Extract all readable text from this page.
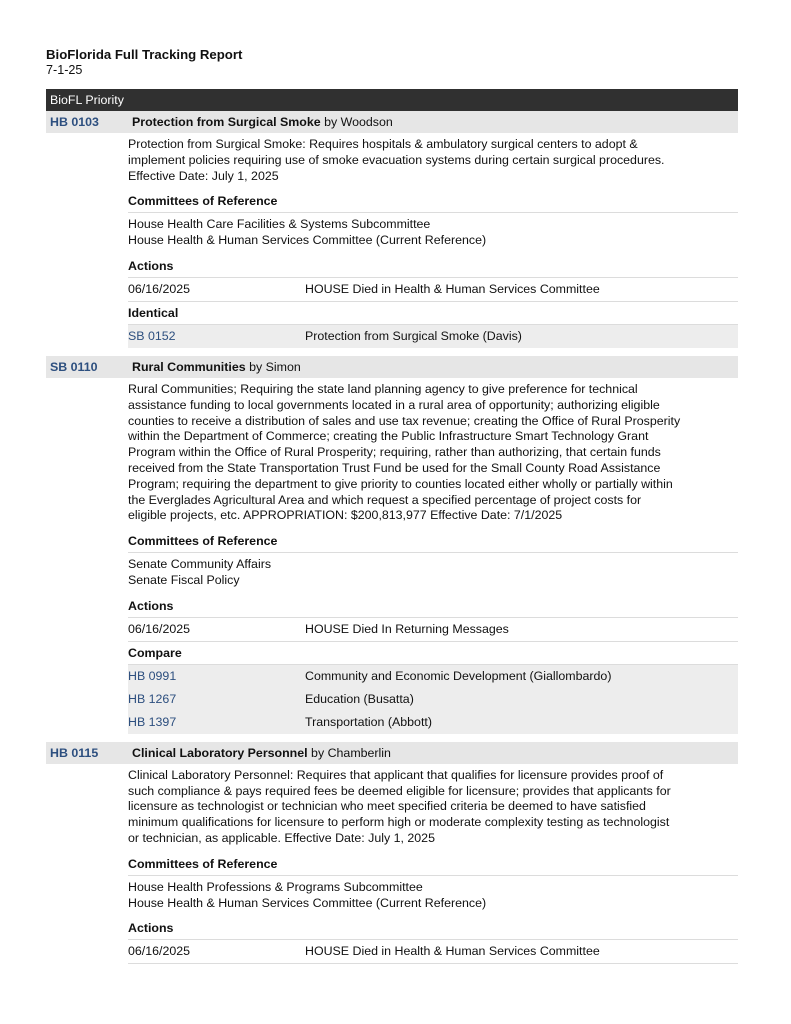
BioFlorida Full Tracking Report
7-1-25
BioFL Priority
HB 0103	Protection from Surgical Smoke by Woodson
Protection from Surgical Smoke: Requires hospitals & ambulatory surgical centers to adopt &
implement policies requiring use of smoke evacuation systems during certain surgical procedures.
Effective Date: July 1, 2025
Committees of Reference
House Health Care Facilities & Systems Subcommittee
House Health & Human Services Committee (Current Reference)
Actions
06/16/2025	HOUSE Died in Health & Human Services Committee
Identical
SB 0152	Protection from Surgical Smoke (Davis)
SB 0110	Rural Communities by Simon
Rural Communities; Requiring the state land planning agency to give preference for technical
assistance funding to local governments located in a rural area of opportunity; authorizing eligible
counties to receive a distribution of sales and use tax revenue; creating the Office of Rural Prosperity
within the Department of Commerce; creating the Public Infrastructure Smart Technology Grant
Program within the Office of Rural Prosperity; requiring, rather than authorizing, that certain funds
received from the State Transportation Trust Fund be used for the Small County Road Assistance
Program; requiring the department to give priority to counties located either wholly or partially within
the Everglades Agricultural Area and which request a specified percentage of project costs for
eligible projects, etc. APPROPRIATION: $200,813,977 Effective Date: 7/1/2025
Committees of Reference
Senate Community Affairs
Senate Fiscal Policy
Actions
06/16/2025	HOUSE Died In Returning Messages
Compare
HB 0991	Community and Economic Development (Giallombardo)
HB 1267	Education (Busatta)
HB 1397	Transportation (Abbott)
HB 0115	Clinical Laboratory Personnel by Chamberlin
Clinical Laboratory Personnel: Requires that applicant that qualifies for licensure provides proof of
such compliance & pays required fees be deemed eligible for licensure; provides that applicants for
licensure as technologist or technician who meet specified criteria be deemed to have satisfied
minimum qualifications for licensure to perform high or moderate complexity testing as technologist
or technician, as applicable. Effective Date: July 1, 2025
Committees of Reference
House Health Professions & Programs Subcommittee
House Health & Human Services Committee (Current Reference)
Actions
06/16/2025	HOUSE Died in Health & Human Services Committee
